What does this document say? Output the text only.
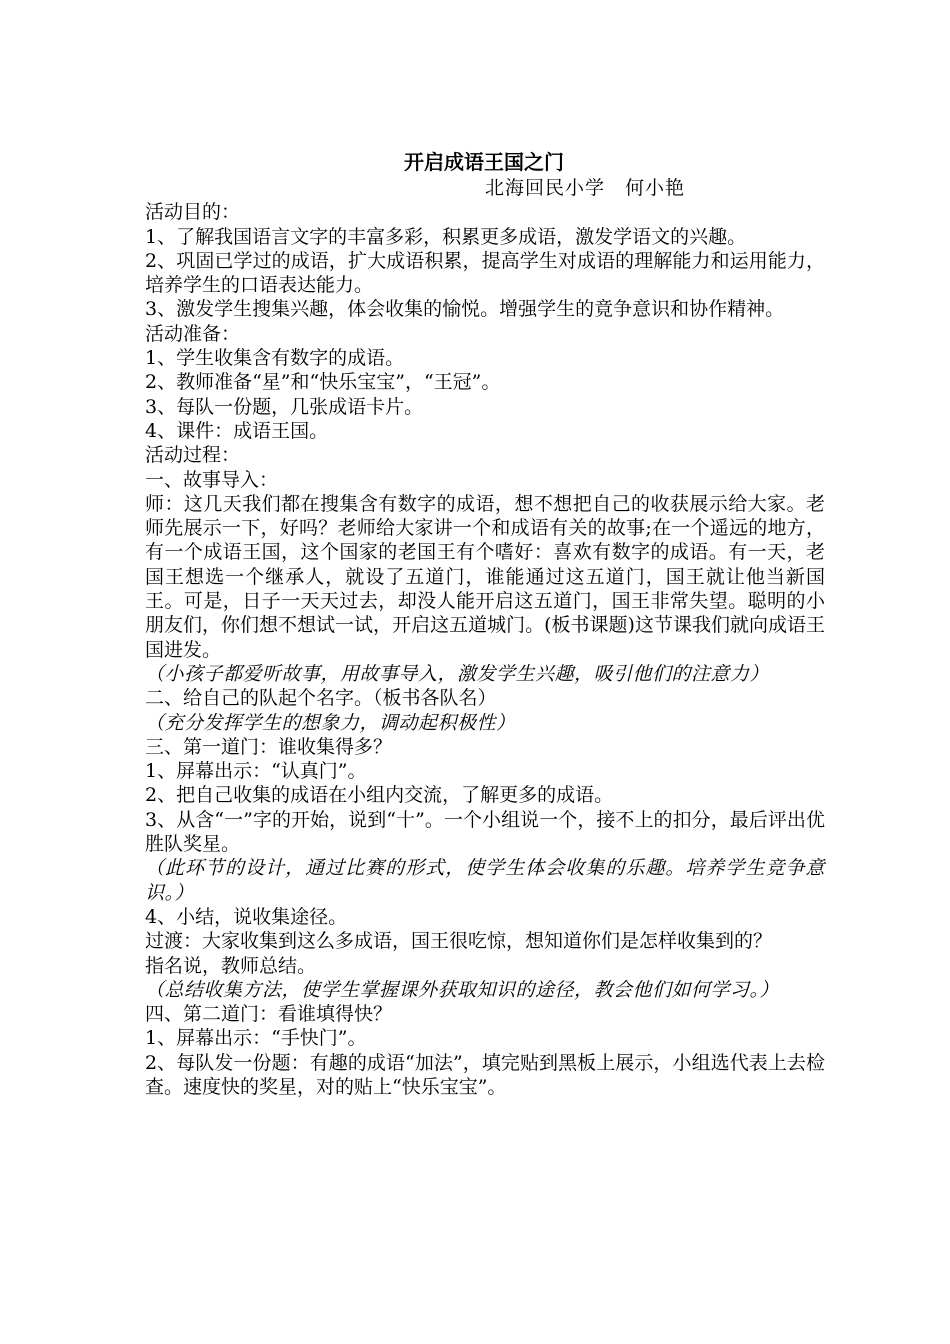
开启成语王国之门
北海回民小学　何小艳

活动目的：

1、了解我国语言文字的丰富多彩，积累更多成语，激发学语文的兴趣。

2、巩固已学过的成语，扩大成语积累，提高学生对成语的理解能力和运用能力，培养学生的口语表达能力。

3、激发学生搜集兴趣，体会收集的愉悦。增强学生的竟争意识和协作精神。

活动准备：

1、学生收集含有数字的成语。

2、教师准备“星”和“快乐宝宝”，“王冠”。

3、每队一份题，几张成语卡片。

4、课件：成语王国。

活动过程：

一、故事导入：

师：这几天我们都在搜集含有数字的成语，想不想把自己的收获展示给大家。老师先展示一下，好吗？老师给大家讲一个和成语有关的故事;在一个遥远的地方，有一个成语王国，这个国家的老国王有个嗜好：喜欢有数字的成语。有一天，老国王想选一个继承人，就设了五道门，谁能通过这五道门，国王就让他当新国王。可是，日子一天天过去，却没人能开启这五道门，国王非常失望。聪明的小朋友们，你们想不想试一试，开启这五道城门。(板书课题)这节课我们就向成语王国进发。

（小孩子都爱听故事，用故事导入，激发学生兴趣，吸引他们的注意力）

二、给自己的队起个名字。（板书各队名）

（充分发挥学生的想象力，调动起积极性）

三、第一道门：谁收集得多？

1、屏幕出示：“认真门”。

2、把自己收集的成语在小组内交流，了解更多的成语。

3、从含“一”字的开始，说到“十”。一个小组说一个，接不上的扣分，最后评出优胜队奖星。

（此环节的设计，通过比赛的形式，使学生体会收集的乐趣。培养学生竞争意识。）

4、小结，说收集途径。

过渡：大家收集到这么多成语，国王很吃惊，想知道你们是怎样收集到的？

指名说，教师总结。

（总结收集方法，使学生掌握课外获取知识的途径，教会他们如何学习。）

四、第二道门：看谁填得快？

1、屏幕出示：“手快门”。

2、每队发一份题：有趣的成语“加法”，填完贴到黑板上展示，小组选代表上去检查。速度快的奖星，对的贴上“快乐宝宝”。
